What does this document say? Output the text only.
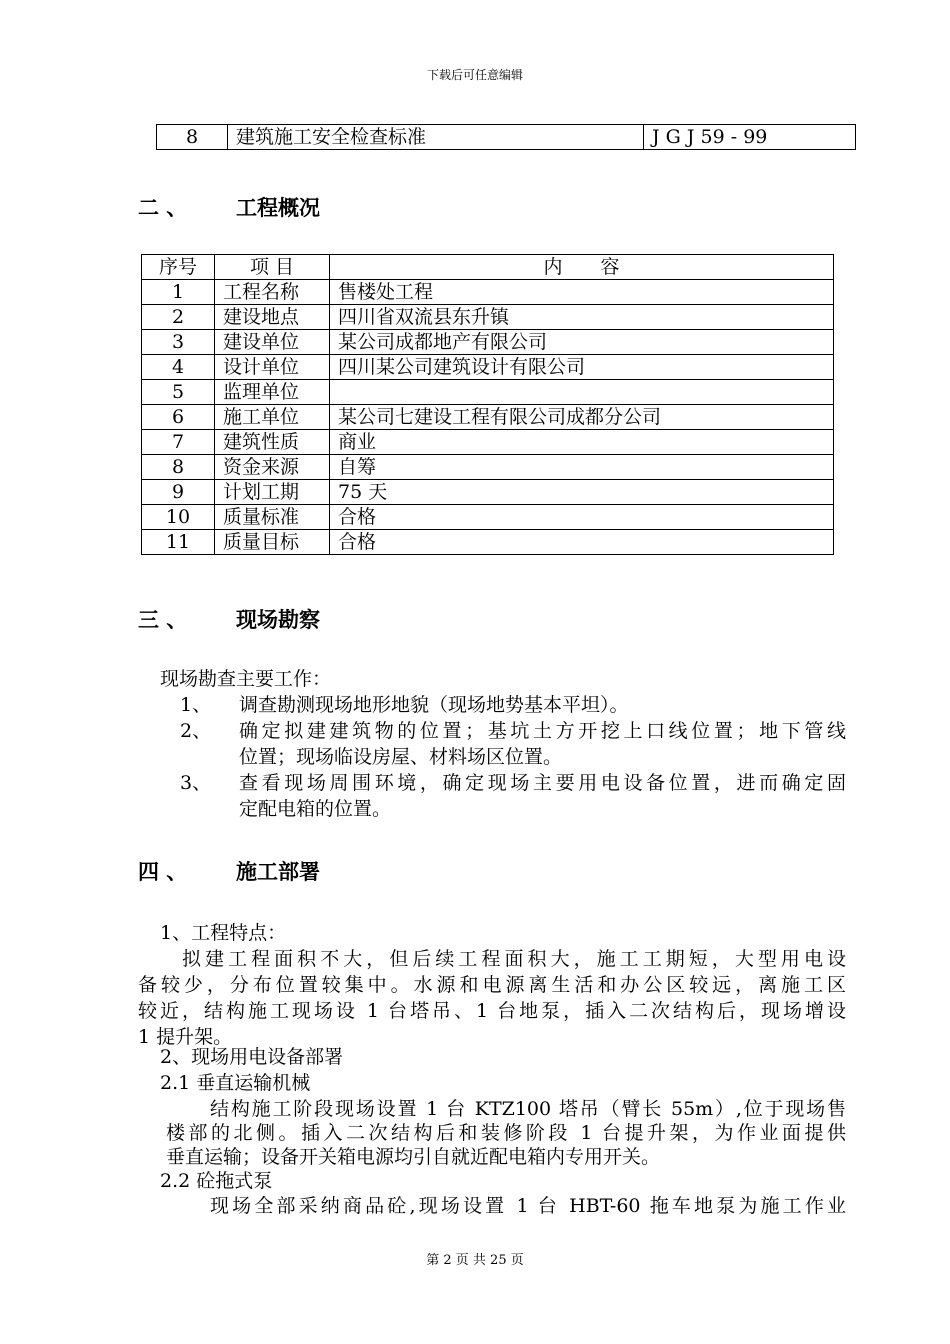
下载后可任意编辑
8	建筑施工安全检查标准	J G J 59 - 99
二 、 工程概况
序号	项 目	内　　容
1	工程名称	售楼处工程
2	建设地点	四川省双流县东升镇
3	建设单位	某公司成都地产有限公司
4	设计单位	四川某公司建筑设计有限公司
5	监理单位	
6	施工单位	某公司七建设工程有限公司成都分公司
7	建筑性质	商业
8	资金来源	自筹
9	计划工期	75 天
10	质量标准	合格
11	质量目标	合格
三 、 现场勘察
现场勘查主要工作：
1、 调查勘测现场地形地貌（现场地势基本平坦）。
2、 确定拟建建筑物的位置；基坑土方开挖上口线位置；地下管线
位置；现场临设房屋、材料场区位置。
3、 查看现场周围环境，确定现场主要用电设备位置，进而确定固
定配电箱的位置。
四 、 施工部署
1、工程特点：
拟建工程面积不大，但后续工程面积大，施工工期短，大型用电设
备较少，分布位置较集中。水源和电源离生活和办公区较远，离施工区
较近，结构施工现场设 1 台塔吊、1 台地泵，插入二次结构后，现场增设
1 提升架。
2、现场用电设备部署
2.1 垂直运输机械
结构施工阶段现场设置 1 台 KTZ100 塔吊（臂长 55m）,位于现场售
楼部的北侧。插入二次结构后和装修阶段 1 台提升架，为作业面提供
垂直运输；设备开关箱电源均引自就近配电箱内专用开关。
2.2 砼拖式泵
现场全部采纳商品砼,现场设置 1 台 HBT-60 拖车地泵为施工作业
第 2 页 共 25 页
